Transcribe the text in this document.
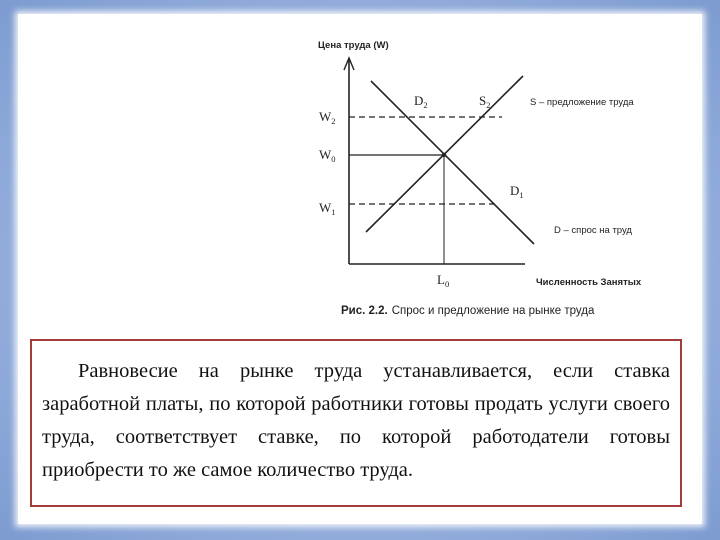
Цена труда (W)
Численность Занятых
$W_2$
$W_0$
$W_1$
$L_0$
$D_2$	$S_2$
$D_1$
S – предложение труда
D – спрос на труд
Рис. 2.2. Спрос и предложение на рынке труда

Равновесие на рынке труда устанавливается, если ставка заработной платы, по которой работники готовы продать услуги своего труда, соответствует ставке, по которой работодатели готовы приобрести то же самое количество труда.
